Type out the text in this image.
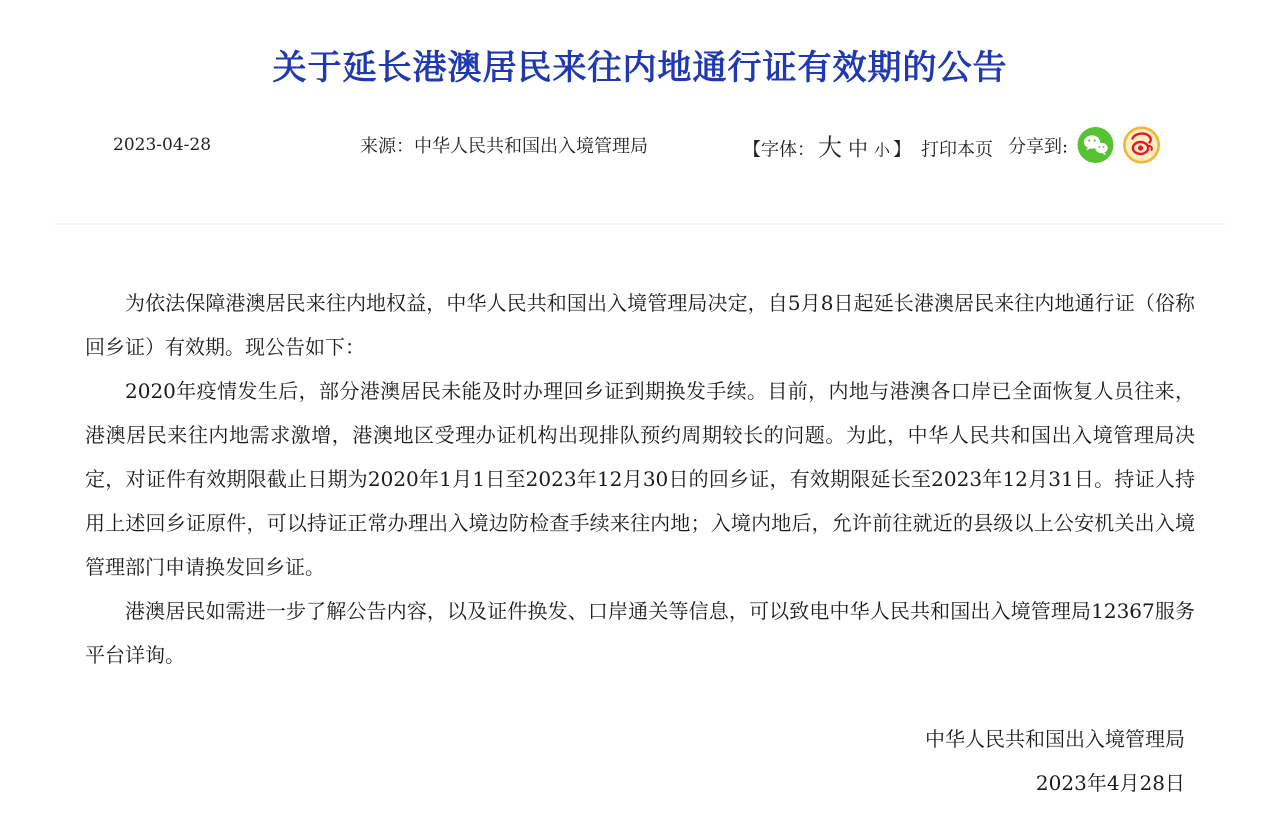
关于延长港澳居民来往内地通行证有效期的公告
2023-04-28	来源：中华人民共和国出入境管理局	【字体： 大 中 小 】 打印本页 分享到:

为依法保障港澳居民来往内地权益，中华人民共和国出入境管理局决定，自5月8日起延长港澳居民来往内地通行证（俗称回乡证）有效期。现公告如下：

2020年疫情发生后，部分港澳居民未能及时办理回乡证到期换发手续。目前，内地与港澳各口岸已全面恢复人员往来，港澳居民来往内地需求激增，港澳地区受理办证机构出现排队预约周期较长的问题。为此，中华人民共和国出入境管理局决定，对证件有效期限截止日期为2020年1月1日至2023年12月30日的回乡证，有效期限延长至2023年12月31日。持证人持用上述回乡证原件，可以持证正常办理出入境边防检查手续来往内地；入境内地后，允许前往就近的县级以上公安机关出入境管理部门申请换发回乡证。

港澳居民如需进一步了解公告内容，以及证件换发、口岸通关等信息，可以致电中华人民共和国出入境管理局12367服务平台详询。

中华人民共和国出入境管理局
2023年4月28日
